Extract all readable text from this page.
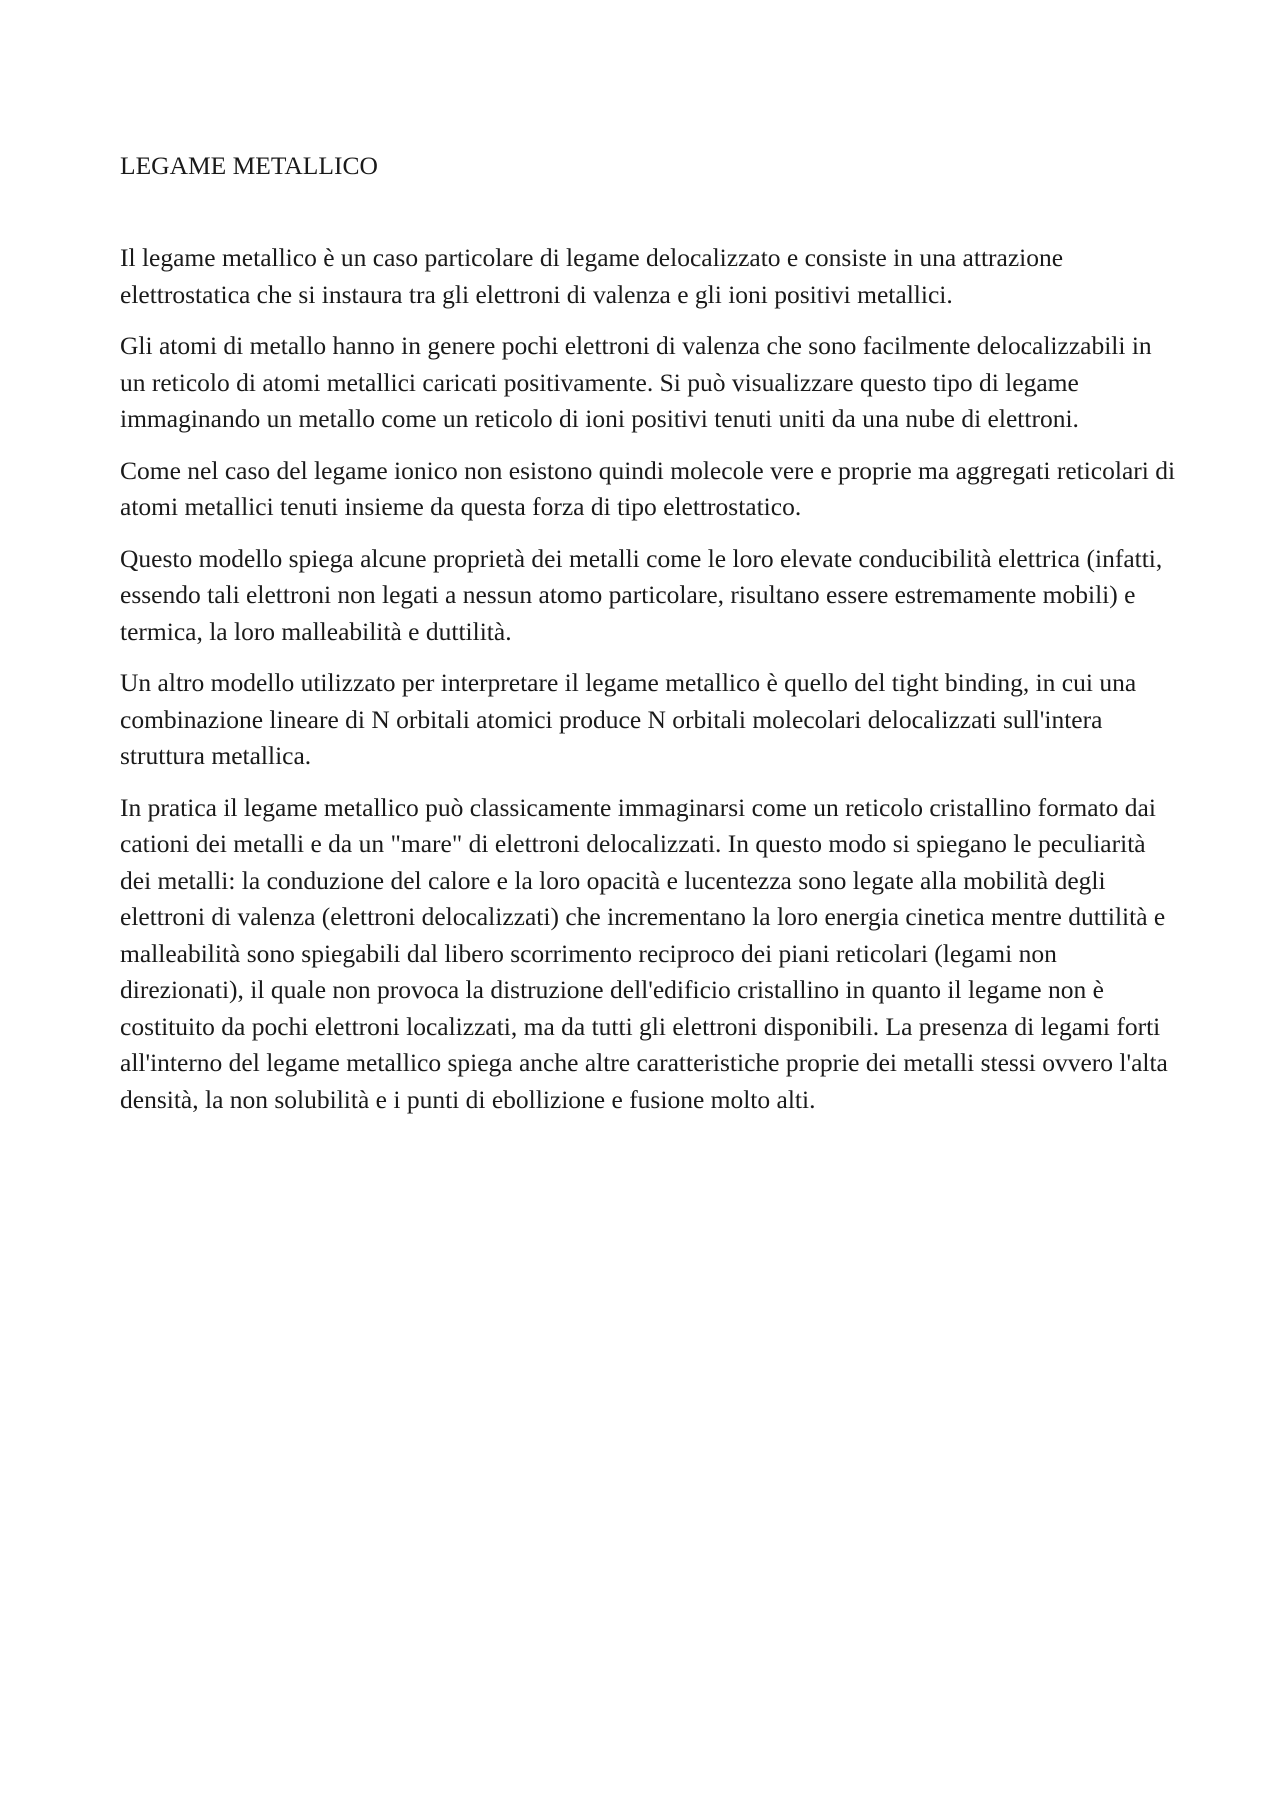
LEGAME METALLICO

Il legame metallico è un caso particolare di legame delocalizzato e consiste in una attrazione elettrostatica che si instaura tra gli elettroni di valenza e gli ioni positivi metallici.

Gli atomi di metallo hanno in genere pochi elettroni di valenza che sono facilmente delocalizzabili in un reticolo di atomi metallici caricati positivamente. Si può visualizzare questo tipo di legame immaginando un metallo come un reticolo di ioni positivi tenuti uniti da una nube di elettroni.

Come nel caso del legame ionico non esistono quindi molecole vere e proprie ma aggregati reticolari di atomi metallici tenuti insieme da questa forza di tipo elettrostatico.

Questo modello spiega alcune proprietà dei metalli come le loro elevate conducibilità elettrica (infatti, essendo tali elettroni non legati a nessun atomo particolare, risultano essere estremamente mobili) e termica, la loro malleabilità e duttilità.

Un altro modello utilizzato per interpretare il legame metallico è quello del tight binding, in cui una combinazione lineare di N orbitali atomici produce N orbitali molecolari delocalizzati sull'intera struttura metallica.

In pratica il legame metallico può classicamente immaginarsi come un reticolo cristallino formato dai cationi dei metalli e da un "mare" di elettroni delocalizzati. In questo modo si spiegano le peculiarità dei metalli: la conduzione del calore e la loro opacità e lucentezza sono legate alla mobilità degli elettroni di valenza (elettroni delocalizzati) che incrementano la loro energia cinetica mentre duttilità e malleabilità sono spiegabili dal libero scorrimento reciproco dei piani reticolari (legami non direzionati), il quale non provoca la distruzione dell'edificio cristallino in quanto il legame non è costituito da pochi elettroni localizzati, ma da tutti gli elettroni disponibili. La presenza di legami forti all'interno del legame metallico spiega anche altre caratteristiche proprie dei metalli stessi ovvero l'alta densità, la non solubilità e i punti di ebollizione e fusione molto alti.
